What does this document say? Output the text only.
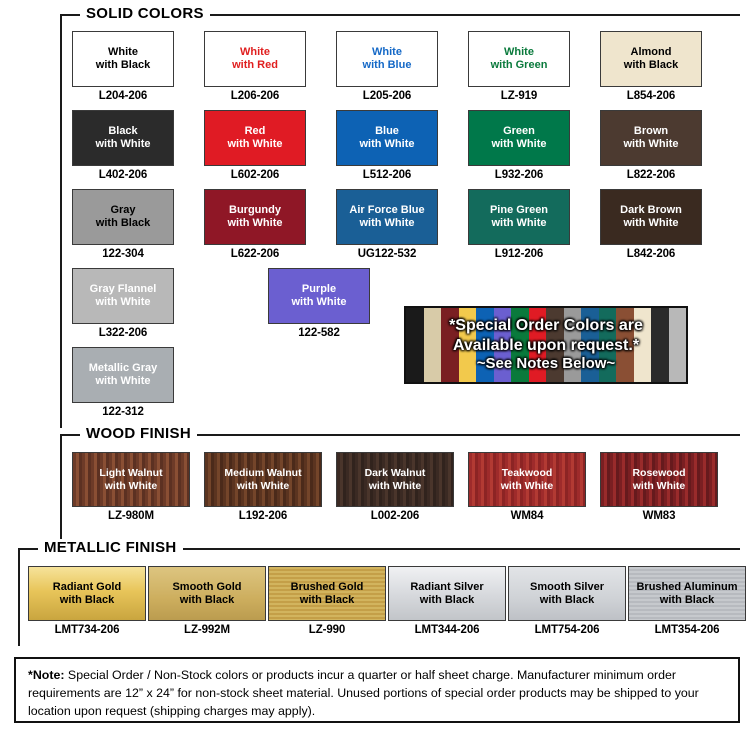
SOLID COLORS
White
with Black
L204-206
White
with Red
L206-206
White
with Blue
L205-206
White
with Green
LZ-919
Almond
with Black
L854-206
Black
with White
L402-206
Red
with White
L602-206
Blue
with White
L512-206
Green
with White
L932-206
Brown
with White
L822-206
Gray
with Black
122-304
Burgundy
with White
L622-206
Air Force Blue
with White
UG122-532
Pine Green
with White
L912-206
Dark Brown
with White
L842-206
Gray Flannel
with White
L322-206
Purple
with White
122-582
Metallic Gray
with White
122-312
*Special Order Colors are
Available upon request.*
~See Notes Below~
WOOD FINISH
Light Walnut
with White
LZ-980M
Medium Walnut
with White
L192-206
Dark Walnut
with White
L002-206
Teakwood
with White
WM84
Rosewood
with White
WM83
METALLIC FINISH
Radiant Gold
with Black
LMT734-206
Smooth Gold
with Black
LZ-992M
Brushed Gold
with Black
LZ-990
Radiant Silver
with Black
LMT344-206
Smooth Silver
with Black
LMT754-206
Brushed Aluminum
with Black
LMT354-206
*Note: Special Order / Non-Stock colors or products incur a quarter or half sheet charge. Manufacturer minimum order requirements are 12” x 24” for non-stock sheet material. Unused portions of special order products may be shipped to your location upon request (shipping charges may apply).
